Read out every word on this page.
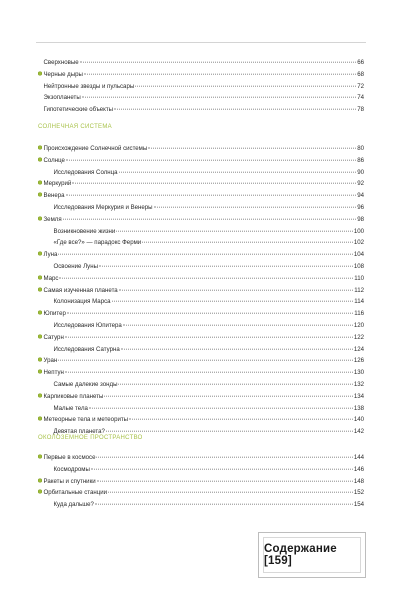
Сверхновые	66
Черные дыры	68
Нейтронные звезды и пульсары	72
Экзопланеты	74
Гипотетические объекты	78
СОЛНЕЧНАЯ СИСТЕМА
Происхождение Солнечной системы	80
Солнце	86
Исследования Солнца	90
Меркурий	92
Венера	94
Исследования Меркурия и Венеры	96
Земля	98
Возникновение жизни	100
«Где все?» — парадокс Ферми	102
Луна	104
Освоение Луны	108
Марс	110
Самая изученная планета	112
Колонизация Марса	114
Юпитер	116
Исследования Юпитера	120
Сатурн	122
Исследования Сатурна	124
Уран	126
Нептун	130
Самые далекие зонды	132
Карликовые планеты	134
Малые тела	138
Метеорные тела и метеориты	140
Девятая планета?	142
ОКОЛОЗЕМНОЕ ПРОСТРАНСТВО
Первые в космосе	144
Космодромы	146
Ракеты и спутники	148
Орбитальные станции	152
Куда дальше?	154
Содержание [159]
